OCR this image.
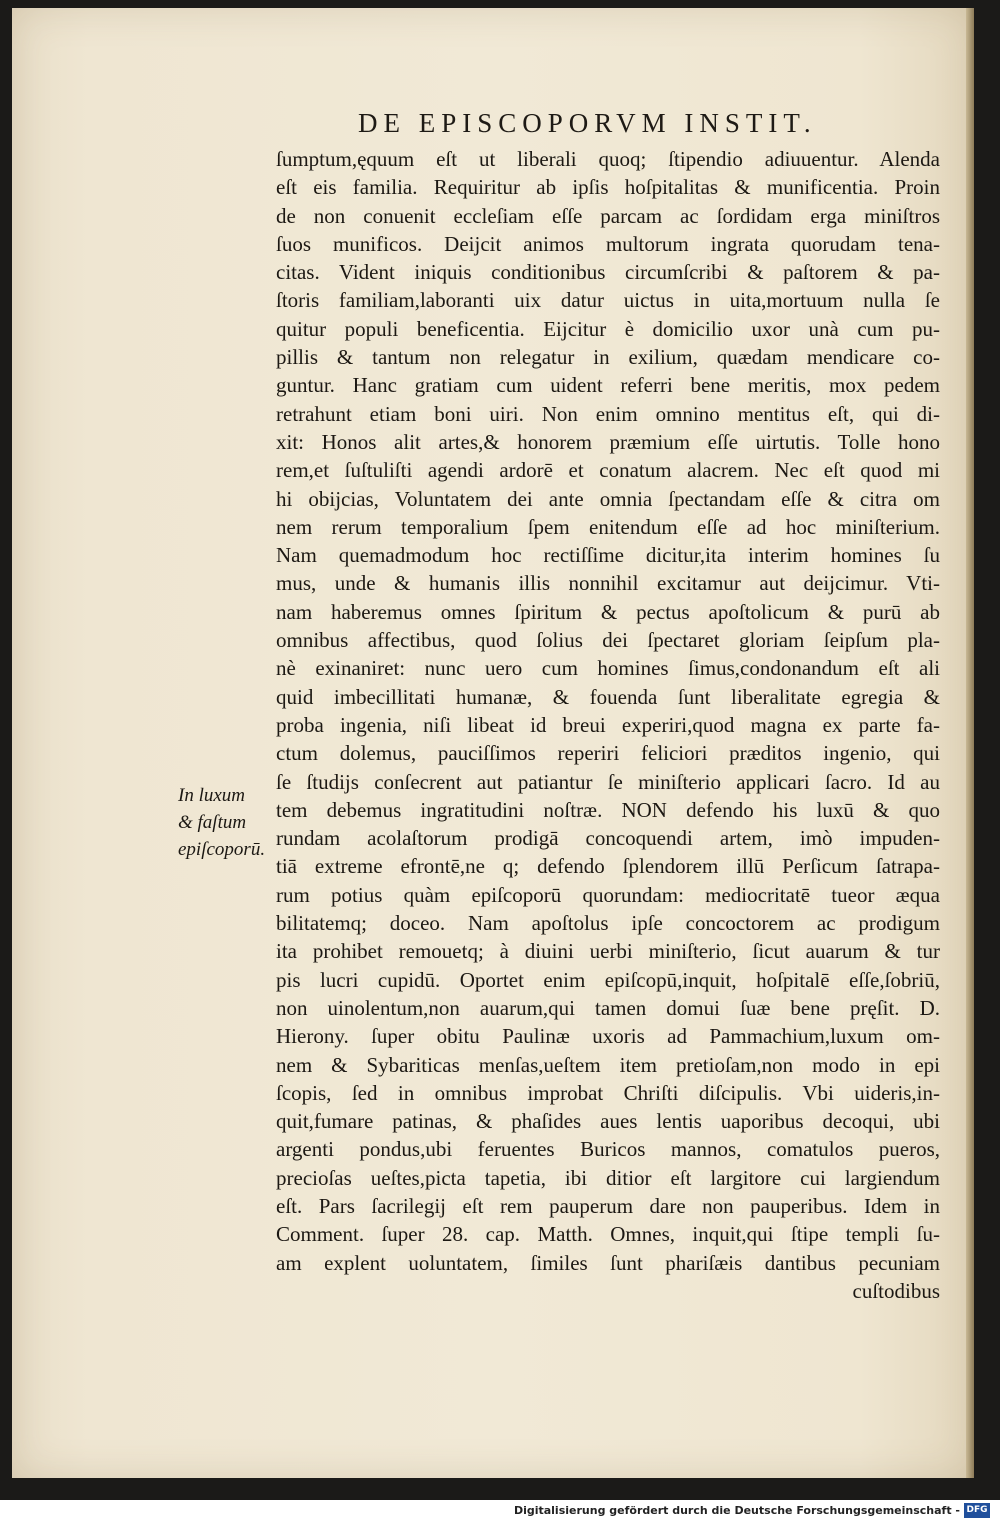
DE EPISCOPORVM INSTIT.
ſumptum,ęquum eſt ut liberali quoq; ſtipendio adiuuentur. Alenda
eſt eis familia. Requiritur ab ipſis hoſpitalitas & munificentia. Proin
de non conuenit eccleſiam eſſe parcam ac ſordidam erga miniſtros
ſuos munificos. Deijcit animos multorum ingrata quorudam tena-
citas. Vident iniquis conditionibus circumſcribi & paſtorem & pa-
ſtoris familiam,laboranti uix datur uictus in uita,mortuum nulla ſe
quitur populi beneficentia. Eijcitur è domicilio uxor unà cum pu-
pillis & tantum non relegatur in exilium, quædam mendicare co-
guntur. Hanc gratiam cum uident referri bene meritis, mox pedem
retrahunt etiam boni uiri. Non enim omnino mentitus eſt, qui di-
xit: Honos alit artes,& honorem præmium eſſe uirtutis. Tolle hono
rem,et ſuſtuliſti agendi ardorē et conatum alacrem. Nec eſt quod mi
hi obijcias, Voluntatem dei ante omnia ſpectandam eſſe & citra om
nem rerum temporalium ſpem enitendum eſſe ad hoc miniſterium.
Nam quemadmodum hoc rectiſſime dicitur,ita interim homines ſu
mus, unde & humanis illis nonnihil excitamur aut deijcimur. Vti-
nam haberemus omnes ſpiritum & pectus apoſtolicum & purū ab
omnibus affectibus, quod ſolius dei ſpectaret gloriam ſeipſum pla-
nè exinaniret: nunc uero cum homines ſimus,condonandum eſt ali
quid imbecillitati humanæ, & fouenda ſunt liberalitate egregia &
proba ingenia, niſi libeat id breui experiri,quod magna ex parte fa-
ctum dolemus, pauciſſimos reperiri feliciori præditos ingenio, qui
ſe ſtudijs conſecrent aut patiantur ſe miniſterio applicari ſacro. Id au
tem debemus ingratitudini noſtræ. NON defendo his luxū & quo
rundam acolaſtorum prodigā concoquendi artem, imò impuden-
tiā extreme efrontē,ne q; defendo ſplendorem illū Perſicum ſatrapa-
rum potius quàm epiſcoporū quorundam: mediocritatē tueor æqua
bilitatemq; doceo. Nam apoſtolus ipſe concoctorem ac prodigum
ita prohibet remouetq; à diuini uerbi miniſterio, ſicut auarum & tur
pis lucri cupidū. Oportet enim epiſcopū,inquit, hoſpitalē eſſe,ſobriū,
non uinolentum,non auarum,qui tamen domui ſuæ bene pręſit. D.
Hierony. ſuper obitu Paulinæ uxoris ad Pammachium,luxum om-
nem & Sybariticas menſas,ueſtem item pretioſam,non modo in epi
ſcopis, ſed in omnibus improbat Chriſti diſcipulis. Vbi uideris,in-
quit,fumare patinas, & phaſides aues lentis uaporibus decoqui, ubi
argenti pondus,ubi feruentes Buricos mannos, comatulos pueros,
precioſas ueſtes,picta tapetia, ibi ditior eſt largitore cui largiendum
eſt. Pars ſacrilegij eſt rem pauperum dare non pauperibus. Idem in
Comment. ſuper 28. cap. Matth. Omnes, inquit,qui ſtipe templi ſu-
am explent uoluntatem, ſimiles ſunt phariſæis dantibus pecuniam
cuſtodibus
In luxum
& faſtum
epiſcoporū.
Digitalisierung gefördert durch die Deutsche Forschungsgemeinschaft - DFG
